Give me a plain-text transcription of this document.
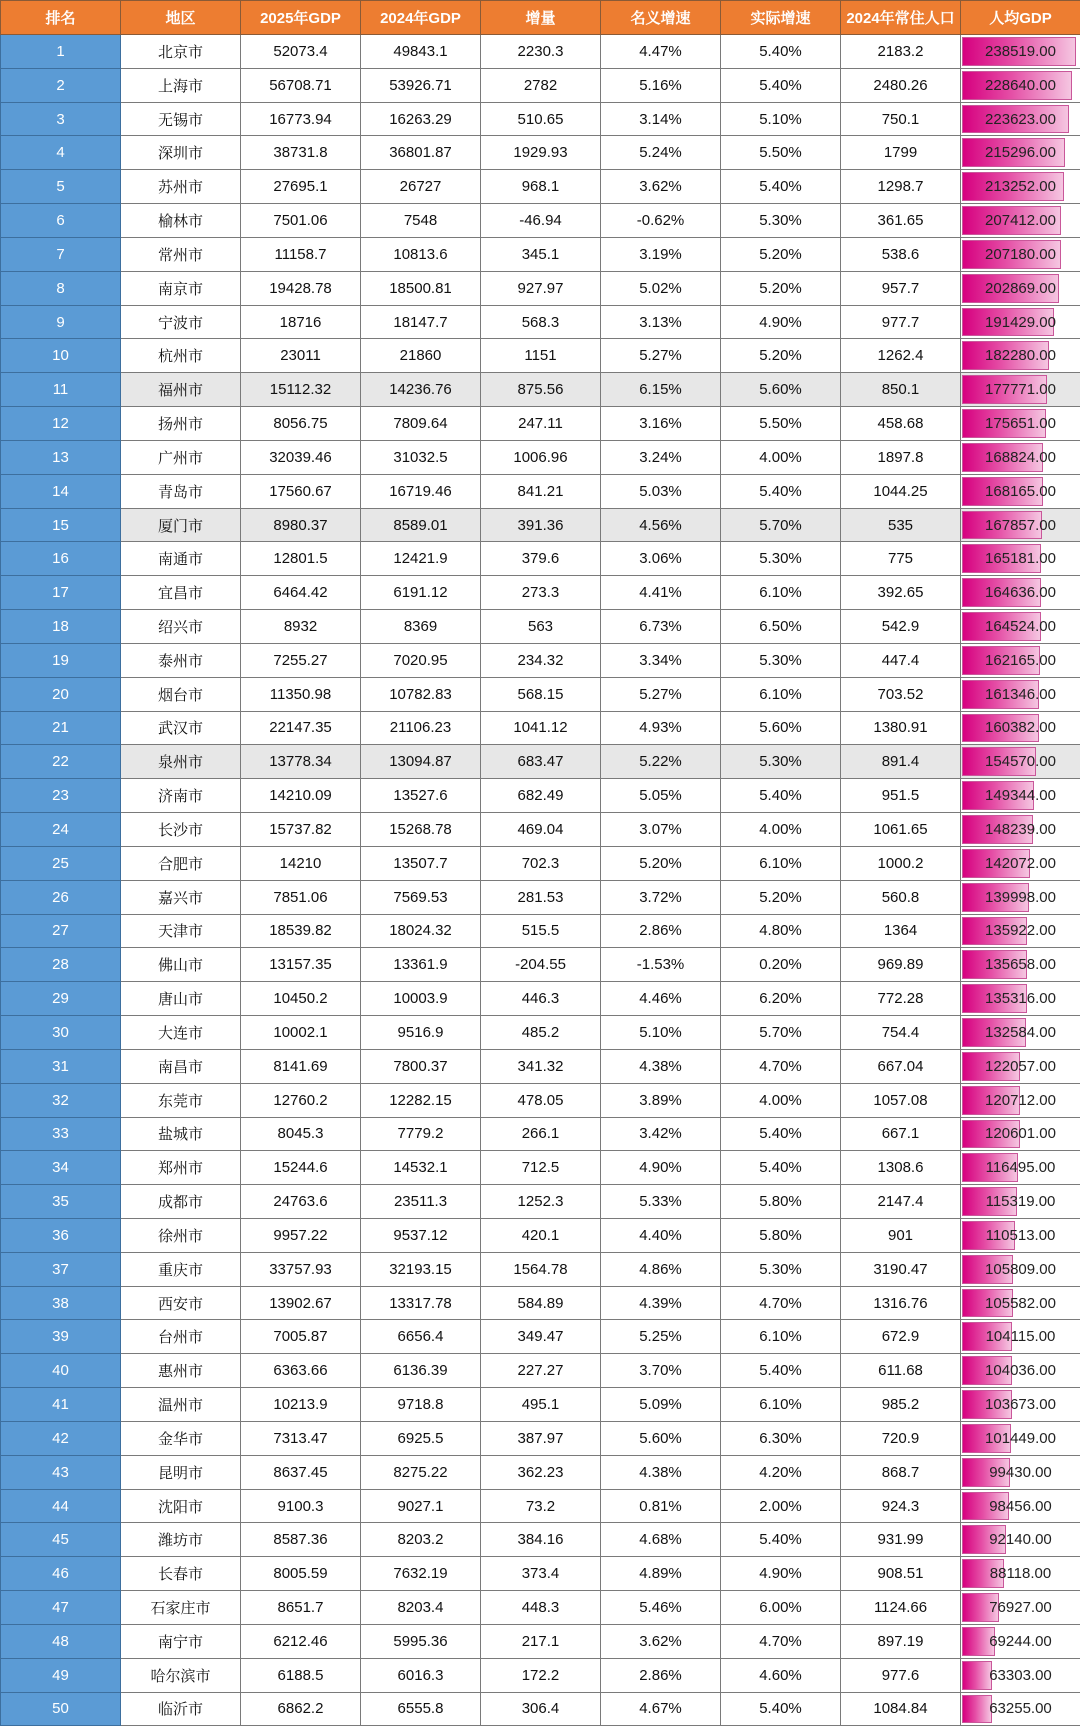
排名	地区	2025年GDP	2024年GDP	增量	名义增速	实际增速	2024年常住人口	人均GDP
1	北京市	52073.4	49843.1	2230.3	4.47%	5.40%	2183.2	238519.00
2	上海市	56708.71	53926.71	2782	5.16%	5.40%	2480.26	228640.00
3	无锡市	16773.94	16263.29	510.65	3.14%	5.10%	750.1	223623.00
4	深圳市	38731.8	36801.87	1929.93	5.24%	5.50%	1799	215296.00
5	苏州市	27695.1	26727	968.1	3.62%	5.40%	1298.7	213252.00
6	榆林市	7501.06	7548	-46.94	-0.62%	5.30%	361.65	207412.00
7	常州市	11158.7	10813.6	345.1	3.19%	5.20%	538.6	207180.00
8	南京市	19428.78	18500.81	927.97	5.02%	5.20%	957.7	202869.00
9	宁波市	18716	18147.7	568.3	3.13%	4.90%	977.7	191429.00
10	杭州市	23011	21860	1151	5.27%	5.20%	1262.4	182280.00
11	福州市	15112.32	14236.76	875.56	6.15%	5.60%	850.1	177771.00
12	扬州市	8056.75	7809.64	247.11	3.16%	5.50%	458.68	175651.00
13	广州市	32039.46	31032.5	1006.96	3.24%	4.00%	1897.8	168824.00
14	青岛市	17560.67	16719.46	841.21	5.03%	5.40%	1044.25	168165.00
15	厦门市	8980.37	8589.01	391.36	4.56%	5.70%	535	167857.00
16	南通市	12801.5	12421.9	379.6	3.06%	5.30%	775	165181.00
17	宜昌市	6464.42	6191.12	273.3	4.41%	6.10%	392.65	164636.00
18	绍兴市	8932	8369	563	6.73%	6.50%	542.9	164524.00
19	泰州市	7255.27	7020.95	234.32	3.34%	5.30%	447.4	162165.00
20	烟台市	11350.98	10782.83	568.15	5.27%	6.10%	703.52	161346.00
21	武汉市	22147.35	21106.23	1041.12	4.93%	5.60%	1380.91	160382.00
22	泉州市	13778.34	13094.87	683.47	5.22%	5.30%	891.4	154570.00
23	济南市	14210.09	13527.6	682.49	5.05%	5.40%	951.5	149344.00
24	长沙市	15737.82	15268.78	469.04	3.07%	4.00%	1061.65	148239.00
25	合肥市	14210	13507.7	702.3	5.20%	6.10%	1000.2	142072.00
26	嘉兴市	7851.06	7569.53	281.53	3.72%	5.20%	560.8	139998.00
27	天津市	18539.82	18024.32	515.5	2.86%	4.80%	1364	135922.00
28	佛山市	13157.35	13361.9	-204.55	-1.53%	0.20%	969.89	135658.00
29	唐山市	10450.2	10003.9	446.3	4.46%	6.20%	772.28	135316.00
30	大连市	10002.1	9516.9	485.2	5.10%	5.70%	754.4	132584.00
31	南昌市	8141.69	7800.37	341.32	4.38%	4.70%	667.04	122057.00
32	东莞市	12760.2	12282.15	478.05	3.89%	4.00%	1057.08	120712.00
33	盐城市	8045.3	7779.2	266.1	3.42%	5.40%	667.1	120601.00
34	郑州市	15244.6	14532.1	712.5	4.90%	5.40%	1308.6	116495.00
35	成都市	24763.6	23511.3	1252.3	5.33%	5.80%	2147.4	115319.00
36	徐州市	9957.22	9537.12	420.1	4.40%	5.80%	901	110513.00
37	重庆市	33757.93	32193.15	1564.78	4.86%	5.30%	3190.47	105809.00
38	西安市	13902.67	13317.78	584.89	4.39%	4.70%	1316.76	105582.00
39	台州市	7005.87	6656.4	349.47	5.25%	6.10%	672.9	104115.00
40	惠州市	6363.66	6136.39	227.27	3.70%	5.40%	611.68	104036.00
41	温州市	10213.9	9718.8	495.1	5.09%	6.10%	985.2	103673.00
42	金华市	7313.47	6925.5	387.97	5.60%	6.30%	720.9	101449.00
43	昆明市	8637.45	8275.22	362.23	4.38%	4.20%	868.7	99430.00
44	沈阳市	9100.3	9027.1	73.2	0.81%	2.00%	924.3	98456.00
45	潍坊市	8587.36	8203.2	384.16	4.68%	5.40%	931.99	92140.00
46	长春市	8005.59	7632.19	373.4	4.89%	4.90%	908.51	88118.00
47	石家庄市	8651.7	8203.4	448.3	5.46%	6.00%	1124.66	76927.00
48	南宁市	6212.46	5995.36	217.1	3.62%	4.70%	897.19	69244.00
49	哈尔滨市	6188.5	6016.3	172.2	2.86%	4.60%	977.6	63303.00
50	临沂市	6862.2	6555.8	306.4	4.67%	5.40%	1084.84	63255.00
